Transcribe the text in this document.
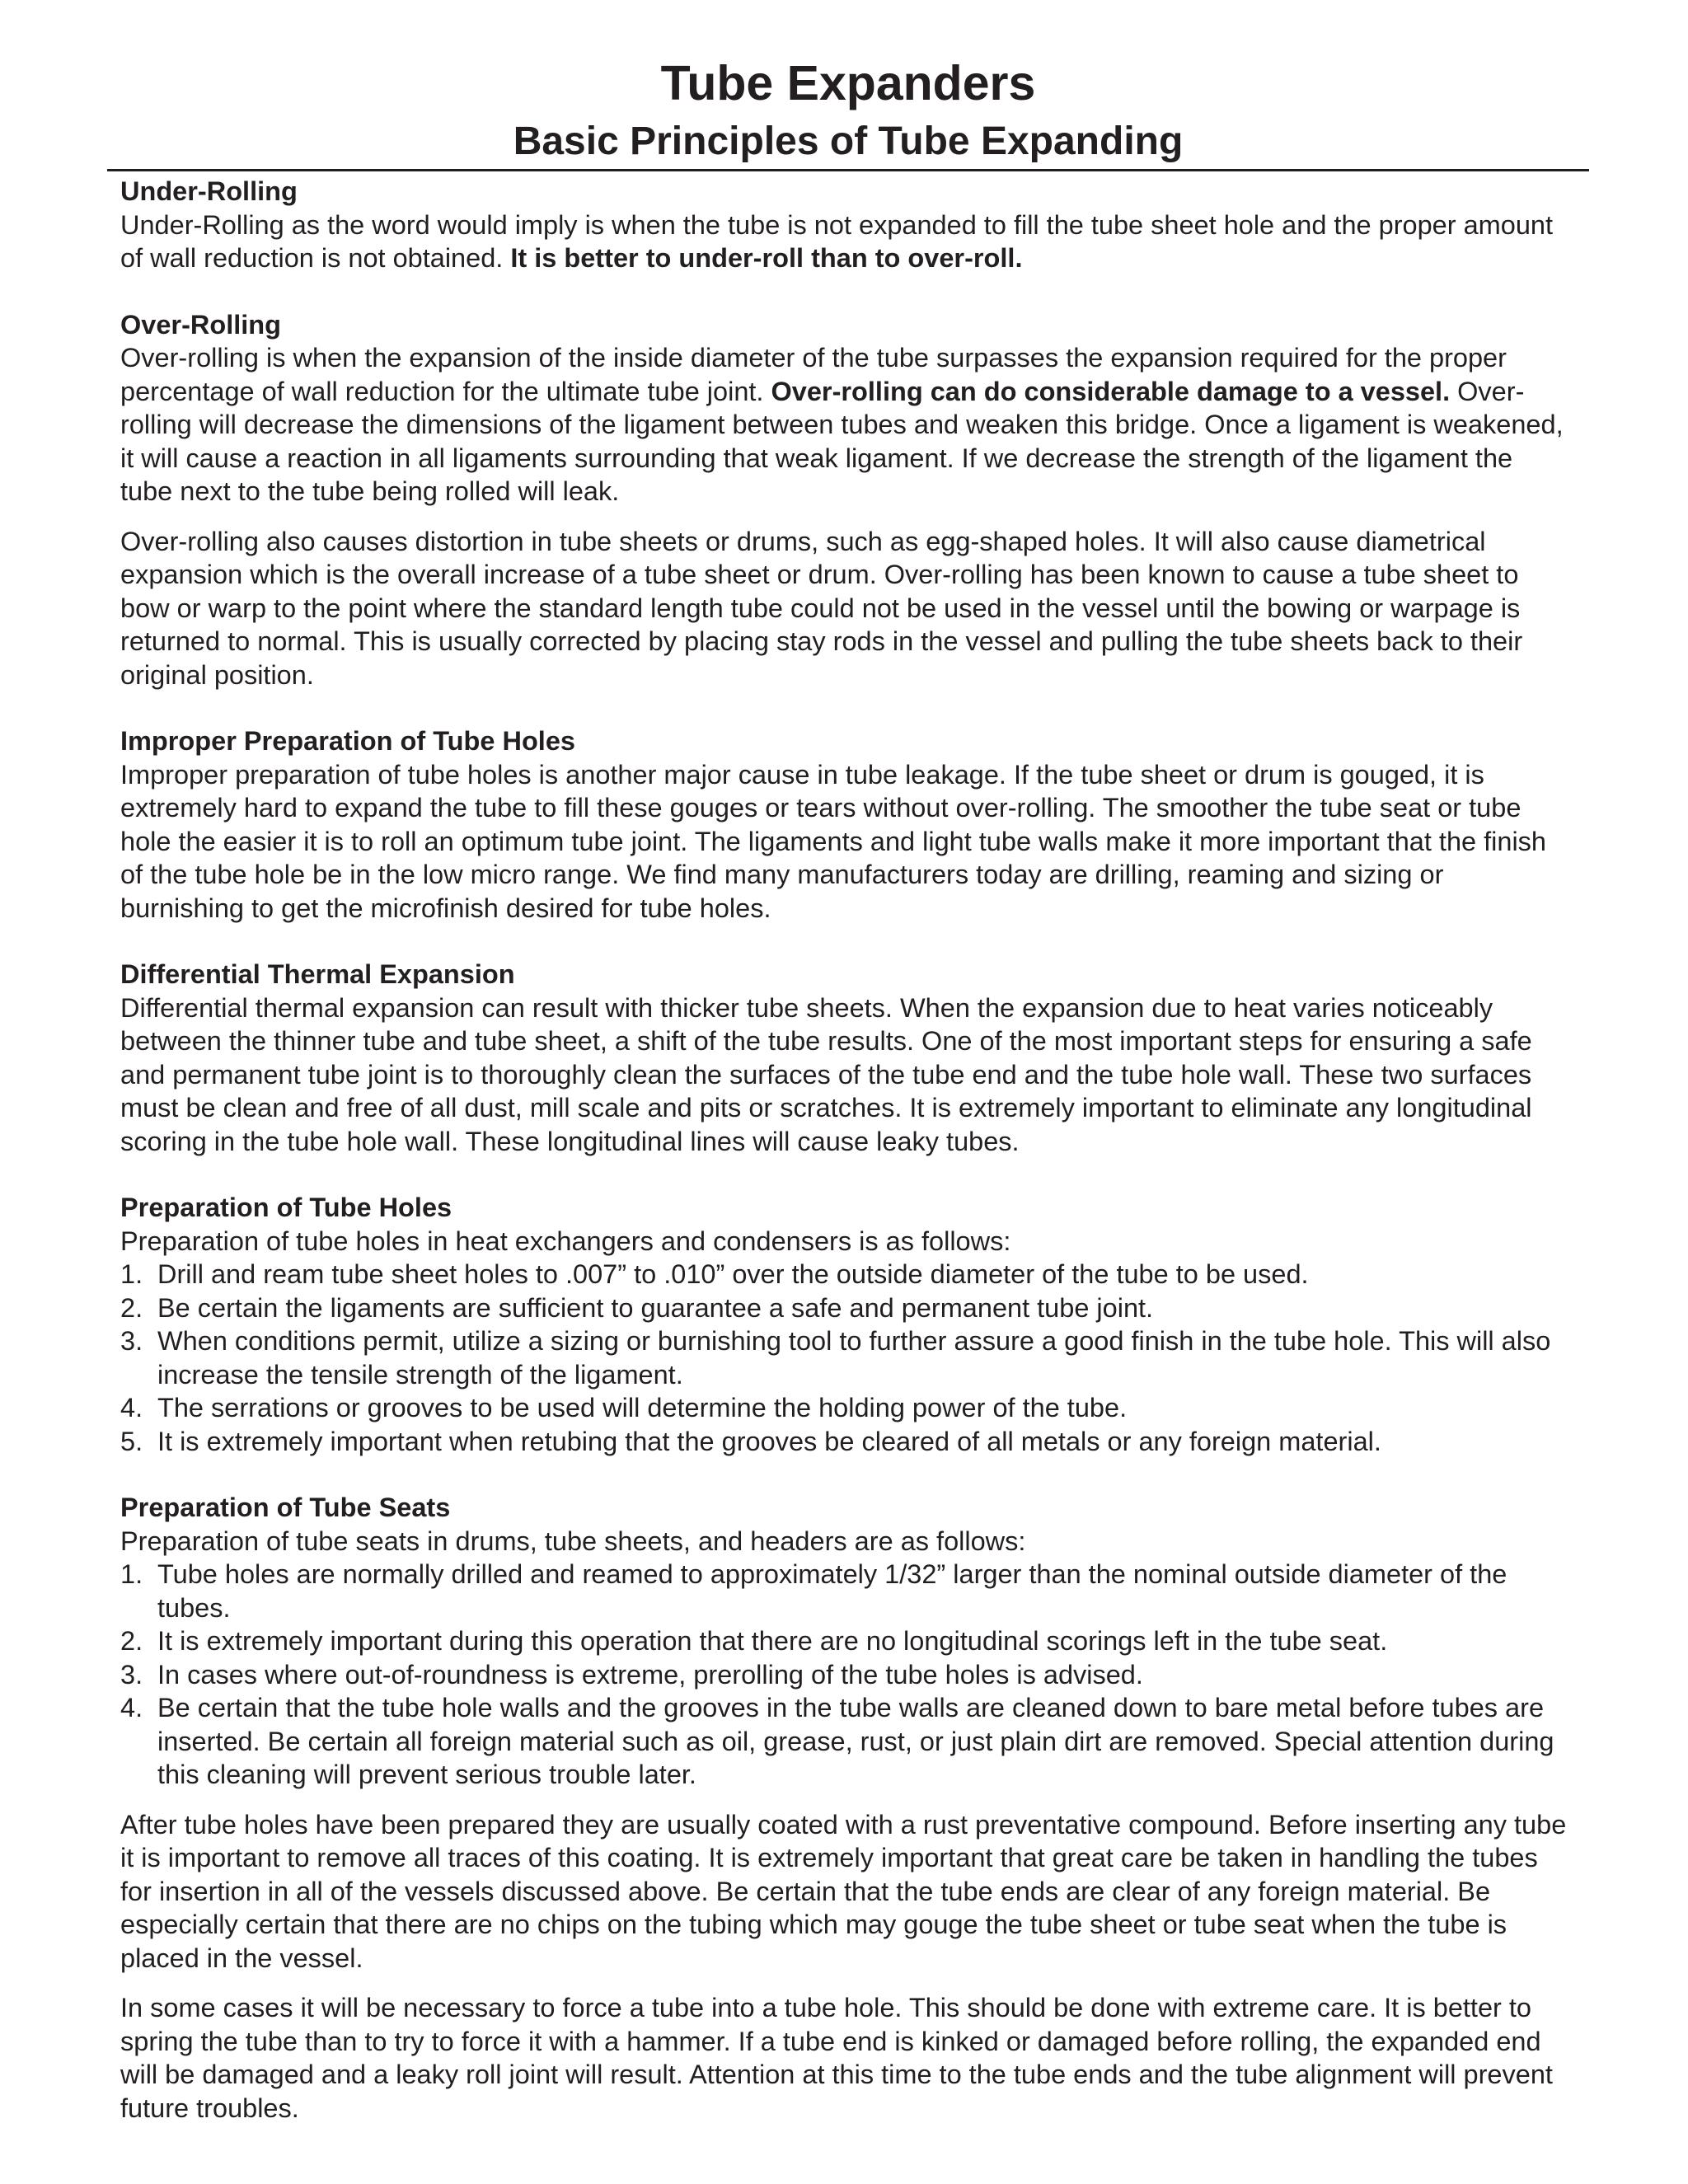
Tube Expanders
Basic Principles of Tube Expanding
Under-Rolling

Under-Rolling as the word would imply is when the tube is not expanded to fill the tube sheet hole and the proper amount of wall reduction is not obtained. It is better to under-roll than to over-roll.

Over-Rolling

Over-rolling is when the expansion of the inside diameter of the tube surpasses the expansion required for the proper percentage of wall reduction for the ultimate tube joint. Over-rolling can do considerable damage to a vessel. Over-rolling will decrease the dimensions of the ligament between tubes and weaken this bridge. Once a ligament is weakened, it will cause a reaction in all ligaments surrounding that weak ligament. If we decrease the strength of the ligament the tube next to the tube being rolled will leak.

Over-rolling also causes distortion in tube sheets or drums, such as egg-shaped holes. It will also cause diametrical expansion which is the overall increase of a tube sheet or drum. Over-rolling has been known to cause a tube sheet to bow or warp to the point where the standard length tube could not be used in the vessel until the bowing or warpage is returned to normal. This is usually corrected by placing stay rods in the vessel and pulling the tube sheets back to their original position.

Improper Preparation of Tube Holes

Improper preparation of tube holes is another major cause in tube leakage. If the tube sheet or drum is gouged, it is extremely hard to expand the tube to fill these gouges or tears without over-rolling. The smoother the tube seat or tube hole the easier it is to roll an optimum tube joint. The ligaments and light tube walls make it more important that the finish of the tube hole be in the low micro range. We find many manufacturers today are drilling, reaming and sizing or burnishing to get the microfinish desired for tube holes.

Differential Thermal Expansion

Differential thermal expansion can result with thicker tube sheets. When the expansion due to heat varies noticeably between the thinner tube and tube sheet, a shift of the tube results. One of the most important steps for ensuring a safe and permanent tube joint is to thoroughly clean the surfaces of the tube end and the tube hole wall. These two surfaces must be clean and free of all dust, mill scale and pits or scratches. It is extremely important to eliminate any longitudinal scoring in the tube hole wall. These longitudinal lines will cause leaky tubes.

Preparation of Tube Holes

Preparation of tube holes in heat exchangers and condensers is as follows:

1. Drill and ream tube sheet holes to .007” to .010” over the outside diameter of the tube to be used.
2. Be certain the ligaments are sufficient to guarantee a safe and permanent tube joint.
3. When conditions permit, utilize a sizing or burnishing tool to further assure a good finish in the tube hole. This will also increase the tensile strength of the ligament.
4. The serrations or grooves to be used will determine the holding power of the tube.
5. It is extremely important when retubing that the grooves be cleared of all metals or any foreign material.
Preparation of Tube Seats

Preparation of tube seats in drums, tube sheets, and headers are as follows:

1. Tube holes are normally drilled and reamed to approximately 1/32” larger than the nominal outside diameter of the tubes.
2. It is extremely important during this operation that there are no longitudinal scorings left in the tube seat.
3. In cases where out-of-roundness is extreme, prerolling of the tube holes is advised.
4. Be certain that the tube hole walls and the grooves in the tube walls are cleaned down to bare metal before tubes are inserted. Be certain all foreign material such as oil, grease, rust, or just plain dirt are removed. Special attention during this cleaning will prevent serious trouble later.

After tube holes have been prepared they are usually coated with a rust preventative compound. Before inserting any tube it is important to remove all traces of this coating. It is extremely important that great care be taken in handling the tubes for insertion in all of the vessels discussed above. Be certain that the tube ends are clear of any foreign material. Be especially certain that there are no chips on the tubing which may gouge the tube sheet or tube seat when the tube is placed in the vessel.

In some cases it will be necessary to force a tube into a tube hole. This should be done with extreme care. It is better to spring the tube than to try to force it with a hammer. If a tube end is kinked or damaged before rolling, the expanded end will be damaged and a leaky roll joint will result. Attention at this time to the tube ends and the tube alignment will prevent future troubles.
